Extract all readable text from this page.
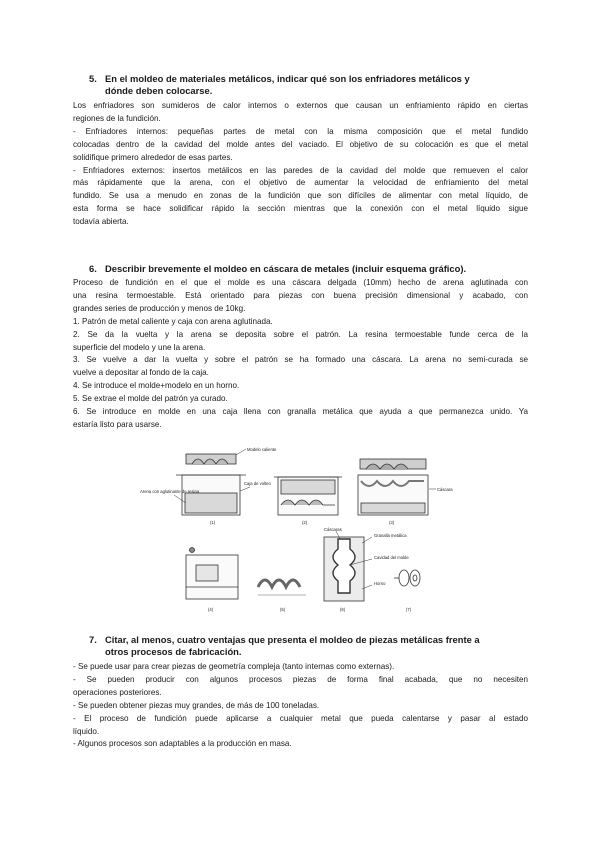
5. En el moldeo de materiales metálicos, indicar qué son los enfriadores metálicos y
dónde deben colocarse.
Los enfriadores son sumideros de calor internos o externos que causan un enfriamiento rápido en ciertas
regiones de la fundición.
- Enfriadores internos: pequeñas partes de metal con la misma composición que el metal fundido
colocadas dentro de la cavidad del molde antes del vaciado. El objetivo de su colocación es que el metal
solidifique primero alrededor de esas partes.
- Enfriadores externos: insertos metálicos en las paredes de la cavidad del molde que remueven el calor
más rápidamente que la arena, con el objetivo de aumentar la velocidad de enfriamiento del metal
fundido. Se usa a menudo en zonas de la fundición que son difíciles de alimentar con metal líquido, de
esta forma se hace solidificar rápido la sección mientras que la conexión con el metal líquido sigue
todavía abierta.
6. Describir brevemente el moldeo en cáscara de metales (incluir esquema gráfico).
Proceso de fundición en el que el molde es una cáscara delgada (10mm) hecho de arena aglutinada con
una resina termoestable. Está orientado para piezas con buena precisión dimensional y acabado, con
grandes series de producción y menos de 10kg.
1. Patrón de metal caliente y caja con arena aglutinada.
2. Se da la vuelta y la arena se deposita sobre el patrón. La resina termoestable funde cerca de la
superficie del modelo y une la arena.
3. Se vuelve a dar la vuelta y sobre el patrón se ha formado una cáscara. La arena no semi-curada se
vuelve a depositar al fondo de la caja.
4. Se introduce el molde+modelo en un horno.
5. Se extrae el molde del patrón ya curado.
6. Se introduce en molde en una caja llena con granalla metálica que ayuda a que permanezca unido. Ya
estaría listo para usarse.
Modelo caliente
Caja de volteo
Arena con aglutinante de resina
(1)	(2)
Cáscara
(3)
(4)	(5)
Cáscaras
Granalla metálica
Cavidad del molde
Horno
(6)	(7)
7. Citar, al menos, cuatro ventajas que presenta el moldeo de piezas metálicas frente a
otros procesos de fabricación.
- Se puede usar para crear piezas de geometría compleja (tanto internas como externas).
- Se pueden producir con algunos procesos piezas de forma final acabada, que no necesiten
operaciones posteriores.
- Se pueden obtener piezas muy grandes, de más de 100 toneladas.
- El proceso de fundición puede aplicarse a cualquier metal que pueda calentarse y pasar al estado
líquido.
- Algunos procesos son adaptables a la producción en masa.
